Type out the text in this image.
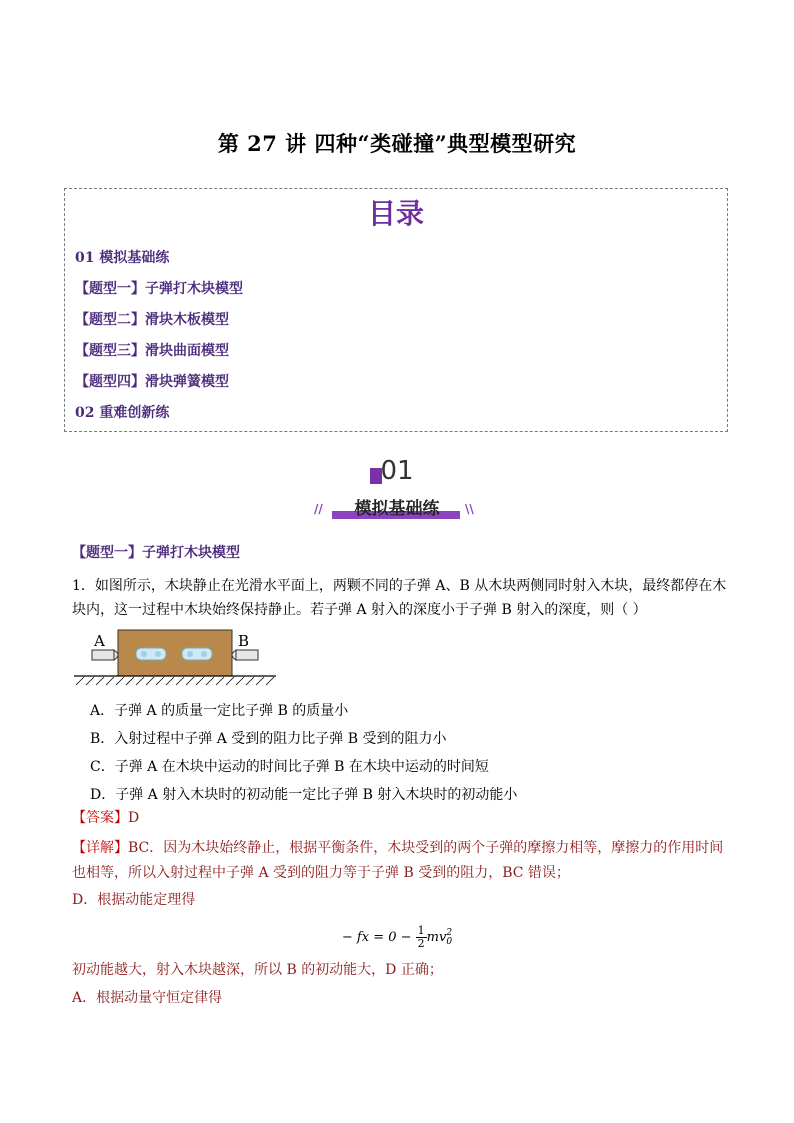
第 27 讲 四种“类碰撞”典型模型研究
目录
01 模拟基础练
【题型一】子弹打木块模型
【题型二】滑块木板模型
【题型三】滑块曲面模型
【题型四】滑块弹簧模型
02 重难创新练
01
模拟基础练
//	\\
【题型一】子弹打木块模型
1．如图所示，木块静止在光滑水平面上，两颗不同的子弹 A、B 从木块两侧同时射入木块，最终都停在木
块内，这一过程中木块始终保持静止。若子弹 A 射入的深度小于子弹 B 射入的深度，则（ ）
A	B
A．子弹 A 的质量一定比子弹 B 的质量小
B．入射过程中子弹 A 受到的阻力比子弹 B 受到的阻力小
C．子弹 A 在木块中运动的时间比子弹 B 在木块中运动的时间短
D．子弹 A 射入木块时的初动能一定比子弹 B 射入木块时的初动能小
【答案】D
【详解】BC．因为木块始终静止，根据平衡条件，木块受到的两个子弹的摩擦力相等，摩擦力的作用时间
也相等，所以入射过程中子弹 A 受到的阻力等于子弹 B 受到的阻力，BC 错误；
D．根据动能定理得
− fx = $0 - \frac{1}{2}mv$ 2
0
初动能越大，射入木块越深，所以 B 的初动能大，D 正确；
A．根据动量守恒定律得
